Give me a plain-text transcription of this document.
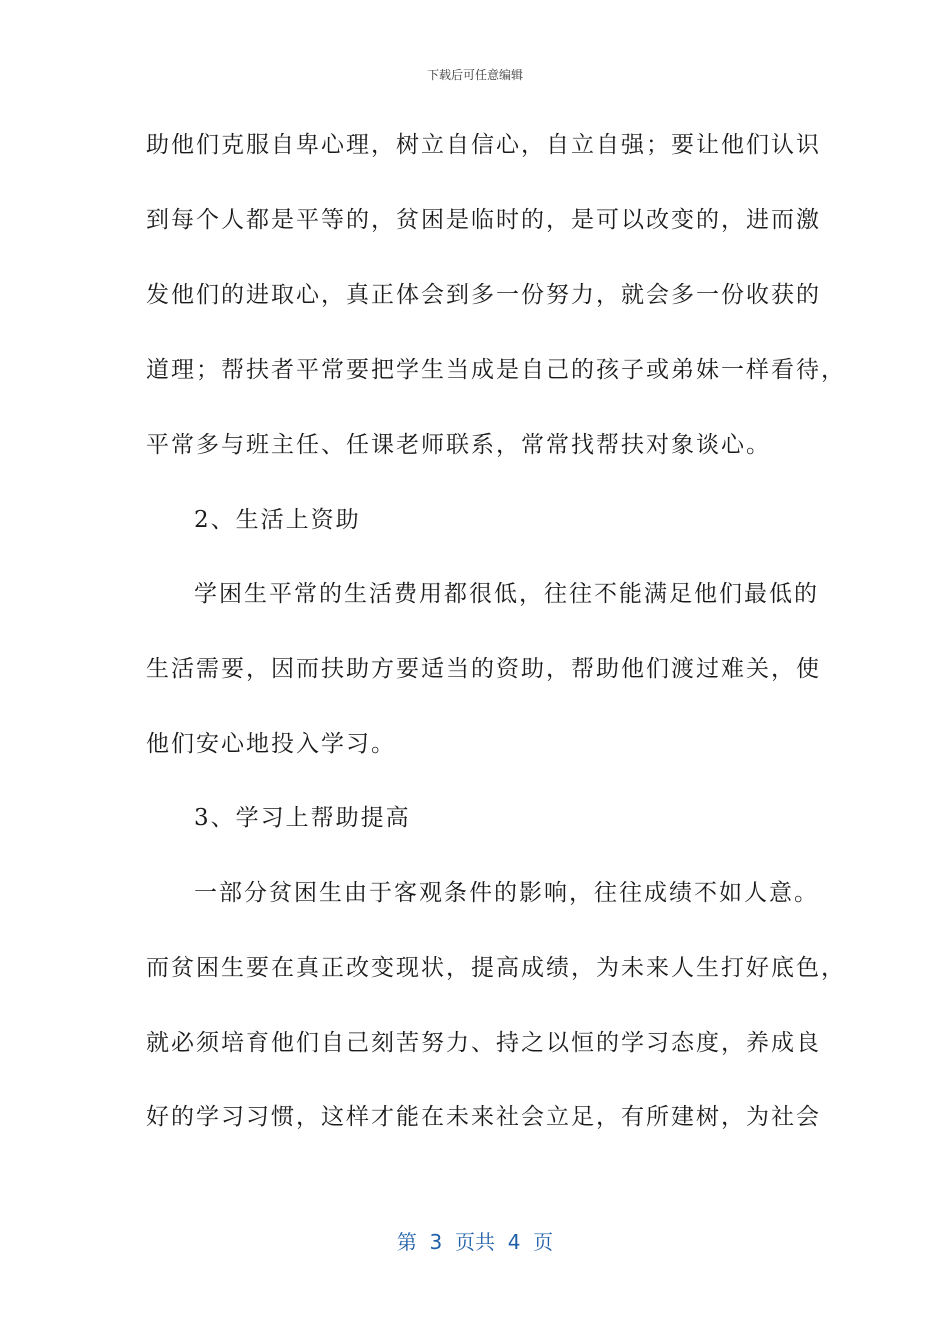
下载后可任意编辑
助他们克服自卑心理，树立自信心，自立自强；要让他们认识
到每个人都是平等的，贫困是临时的，是可以改变的，进而激
发他们的进取心，真正体会到多一份努力，就会多一份收获的
道理；帮扶者平常要把学生当成是自己的孩子或弟妹一样看待，
平常多与班主任、任课老师联系，常常找帮扶对象谈心。
2、生活上资助
学困生平常的生活费用都很低，往往不能满足他们最低的
生活需要，因而扶助方要适当的资助，帮助他们渡过难关，使
他们安心地投入学习。
3、学习上帮助提高
一部分贫困生由于客观条件的影响，往往成绩不如人意。
而贫困生要在真正改变现状，提高成绩，为未来人生打好底色，
就必须培育他们自己刻苦努力、持之以恒的学习态度，养成良
好的学习习惯，这样才能在未来社会立足，有所建树，为社会
第  3  页共  4  页
